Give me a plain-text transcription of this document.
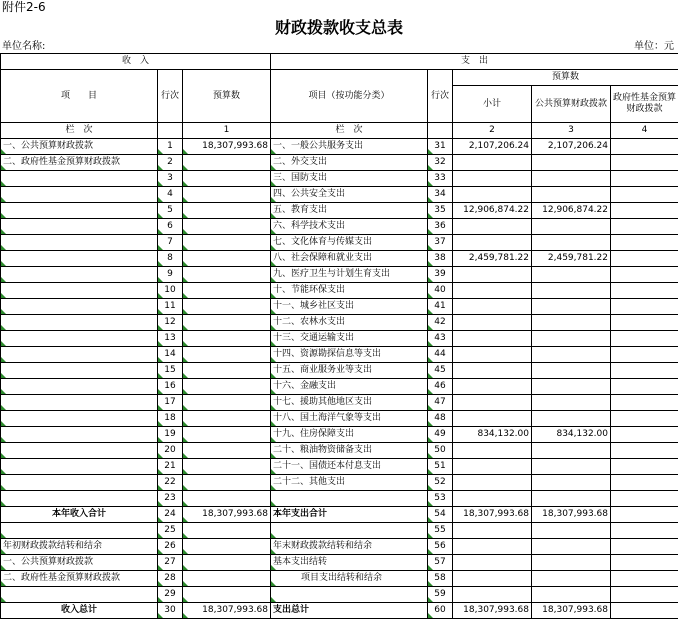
附件2-6
财政拨款收支总表
单位名称:	单位：元
收　入			支　出				
项　　目	行次	预算数	项目（按功能分类）	行次	预算数		
					小计	公共预算财政拨款	政府性基金预算财政拨款
栏　次		1	栏　次		2	3	4
一、公共预算财政拨款	1	18,307,993.68	一、一般公共服务支出	31	2,107,206.24	2,107,206.24	
二、政府性基金预算财政拨款	2		二、外交支出	32			
	3		三、国防支出	33			
	4		四、公共安全支出	34			
	5		五、教育支出	35	12,906,874.22	12,906,874.22	
	6		六、科学技术支出	36			
	7		七、文化体育与传媒支出	37			
	8		八、社会保障和就业支出	38	2,459,781.22	2,459,781.22	
	9		九、医疗卫生与计划生育支出	39			
	10		十、节能环保支出	40			
	11		十一、城乡社区支出	41			
	12		十二、农林水支出	42			
	13		十三、交通运输支出	43			
	14		十四、资源勘探信息等支出	44			
	15		十五、商业服务业等支出	45			
	16		十六、金融支出	46			
	17		十七、援助其他地区支出	47			
	18		十八、国土海洋气象等支出	48			
	19		十九、住房保障支出	49	834,132.00	834,132.00	
	20		二十、粮油物资储备支出	50			
	21		二十一、国债还本付息支出	51			
	22		二十二、其他支出	52			
	23			53			
本年收入合计	24	18,307,993.68	本年支出合计	54	18,307,993.68	18,307,993.68	
	25			55			
年初财政拨款结转和结余	26		年末财政拨款结转和结余	56			
一、公共预算财政拨款	27		基本支出结转	57			
二、政府性基金预算财政拨款	28		项目支出结转和结余	58			
	29			59			
收入总计	30	18,307,993.68	支出总计	60	18,307,993.68	18,307,993.68	
